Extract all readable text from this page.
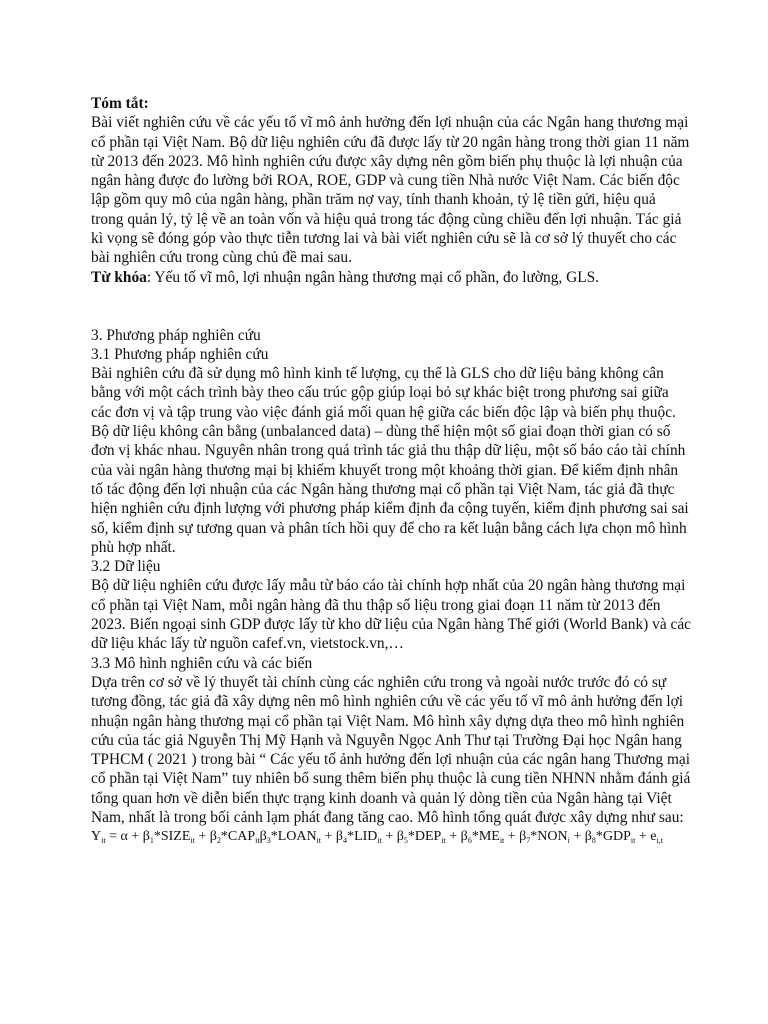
Tóm tắt:

Bài viết nghiên cứu về các yếu tố vĩ mô ảnh hưởng đến lợi nhuận của các Ngân hang thương mại cổ phần tại Việt Nam. Bộ dữ liệu nghiên cứu đã được lấy từ 20 ngân hàng trong thời gian 11 năm từ 2013 đến 2023. Mô hình nghiên cứu được xây dựng nên gồm biến phụ thuộc là lợi nhuận của ngân hàng được đo lường bởi ROA, ROE, GDP và cung tiền Nhà nước Việt Nam. Các biến độc lập gồm quy mô của ngân hàng, phần trăm nợ vay, tính thanh khoản, tỷ lệ tiền gửi, hiệu quả trong quản lý, tỷ lệ về an toàn vốn và hiệu quả trong tác động cùng chiều đến lợi nhuận. Tác giả kì vọng sẽ đóng góp vào thực tiễn tương lai và bài viết nghiên cứu sẽ là cơ sở lý thuyết cho các bài nghiên cứu trong cùng chủ đề mai sau.

Từ khóa: Yếu tố vĩ mô, lợi nhuận ngân hàng thương mại cổ phần, đo lường, GLS.

3. Phương pháp nghiên cứu

3.1 Phương pháp nghiên cứu

Bài nghiên cứu đã sử dụng mô hình kinh tế lượng, cụ thể là GLS cho dữ liệu bảng không cân bằng với một cách trình bày theo cấu trúc gộp giúp loại bỏ sự khác biệt trong phương sai giữa các đơn vị và tập trung vào việc đánh giá mối quan hệ giữa các biến độc lập và biến phụ thuộc.

Bộ dữ liệu không cân bằng (unbalanced data) – dùng thể hiện một số giai đoạn thời gian có số đơn vị khác nhau. Nguyên nhân trong quá trình tác giả thu thập dữ liệu, một số báo cáo tài chính của vài ngân hàng thương mại bị khiếm khuyết trong một khoảng thời gian. Để kiểm định nhân tố tác động đến lợi nhuận của các Ngân hàng thương mại cổ phần tại Việt Nam, tác giả đã thực hiện nghiên cứu định lượng với phương pháp kiểm định đa cộng tuyến, kiểm định phương sai sai số, kiểm định sự tương quan và phân tích hồi quy để cho ra kết luận bằng cách lựa chọn mô hình phù hợp nhất.

3.2 Dữ liệu

Bộ dữ liệu nghiên cứu được lấy mẫu từ báo cáo tài chính hợp nhất của 20 ngân hàng thương mại cổ phần tại Việt Nam, mỗi ngân hàng đã thu thập số liệu trong giai đoạn 11 năm từ 2013 đến 2023. Biến ngoại sinh GDP được lấy từ kho dữ liệu của Ngân hàng Thế giới (World Bank) và các dữ liệu khác lấy từ nguồn cafef.vn, vietstock.vn,…

3.3 Mô hình nghiên cứu và các biến

Dựa trên cơ sở về lý thuyết tài chính cùng các nghiên cứu trong và ngoài nước trước đó có sự tương đồng, tác giả đã xây dựng nên mô hình nghiên cứu về các yếu tố vĩ mô ảnh hưởng đến lợi nhuận ngân hàng thương mại cổ phần tại Việt Nam. Mô hình xây dựng dựa theo mô hình nghiên cứu của tác giả Nguyễn Thị Mỹ Hạnh và Nguyễn Ngọc Anh Thư tại Trường Đại học Ngân hang TPHCM ( 2021 ) trong bài “ Các yếu tố ảnh hưởng đến lợi nhuận của các ngân hang Thương mại cổ phần tại Việt Nam” tuy nhiên bổ sung thêm biến phụ thuộc là cung tiền NHNN nhằm đánh giá tổng quan hơn về diễn biến thực trạng kinh doanh và quản lý dòng tiền của Ngân hàng tại Việt Nam, nhất là trong bối cảnh lạm phát đang tăng cao. Mô hình tổng quát được xây dựng như sau:

$Y_{it} = \alpha$ + $\beta_1*SIZE_{it}$ + $\beta_2*CAP_{it}\beta_3*LOAN_{it} + \beta_4*LID_{it} + \beta_5*DEP_{it} + \beta_6*ME_{it} + \beta_7*NON_i + \beta_8*GDP_{it} + e_{i,t}$
